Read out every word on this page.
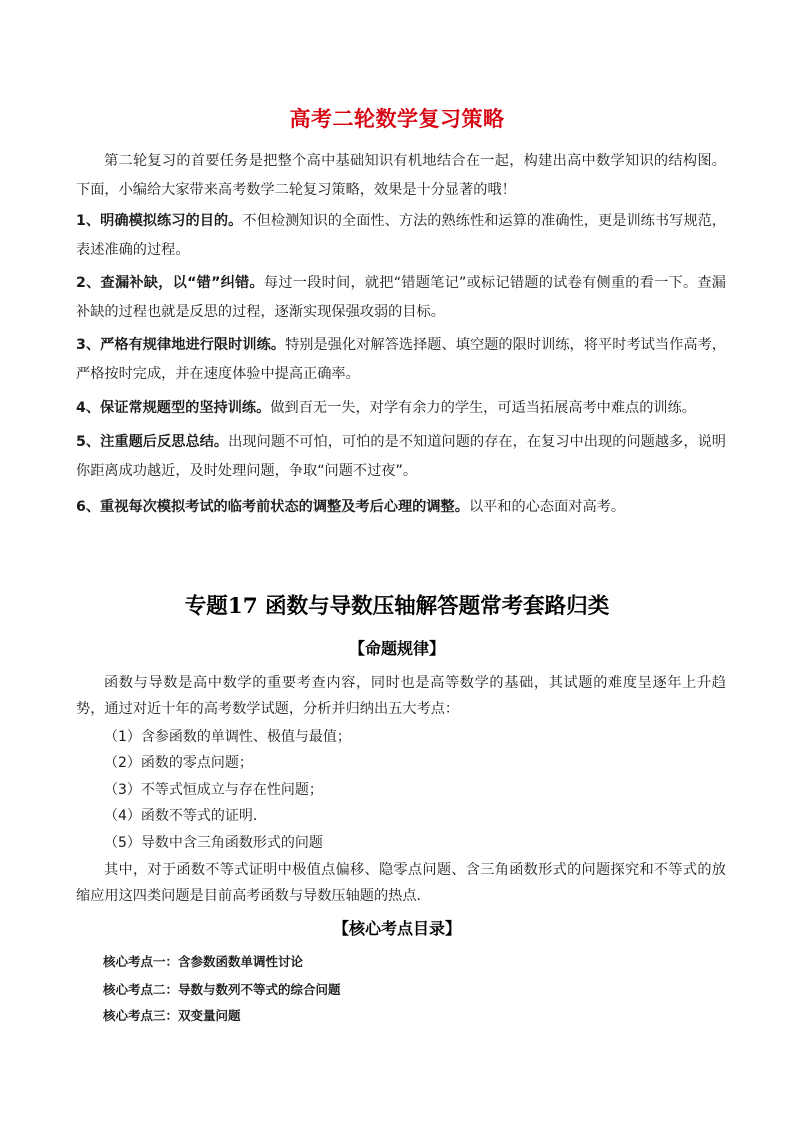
高考二轮数学复习策略
第二轮复习的首要任务是把整个高中基础知识有机地结合在一起，构建出高中数学知识的结构图。下面，小编给大家带来高考数学二轮复习策略，效果是十分显著的哦！
1、明确模拟练习的目的。不但检测知识的全面性、方法的熟练性和运算的准确性，更是训练书写规范，表述准确的过程。
2、查漏补缺，以“错”纠错。每过一段时间，就把“错题笔记”或标记错题的试卷有侧重的看一下。查漏补缺的过程也就是反思的过程，逐渐实现保强攻弱的目标。
3、严格有规律地进行限时训练。特别是强化对解答选择题、填空题的限时训练，将平时考试当作高考，严格按时完成，并在速度体验中提高正确率。
4、保证常规题型的坚持训练。做到百无一失，对学有余力的学生，可适当拓展高考中难点的训练。
5、注重题后反思总结。出现问题不可怕，可怕的是不知道问题的存在，在复习中出现的问题越多，说明你距离成功越近，及时处理问题，争取“问题不过夜”。
6、重视每次模拟考试的临考前状态的调整及考后心理的调整。以平和的心态面对高考。
专题17 函数与导数压轴解答题常考套路归类
【命题规律】
函数与导数是高中数学的重要考查内容，同时也是高等数学的基础，其试题的难度呈逐年上升趋势，通过对近十年的高考数学试题，分析并归纳出五大考点：
（1）含参函数的单调性、极值与最值；
（2）函数的零点问题；
（3）不等式恒成立与存在性问题；
（4）函数不等式的证明．
（5）导数中含三角函数形式的问题
其中，对于函数不等式证明中极值点偏移、隐零点问题、含三角函数形式的问题探究和不等式的放缩应用这四类问题是目前高考函数与导数压轴题的热点．
【核心考点目录】
核心考点一：含参数函数单调性讨论
核心考点二：导数与数列不等式的综合问题
核心考点三：双变量问题
